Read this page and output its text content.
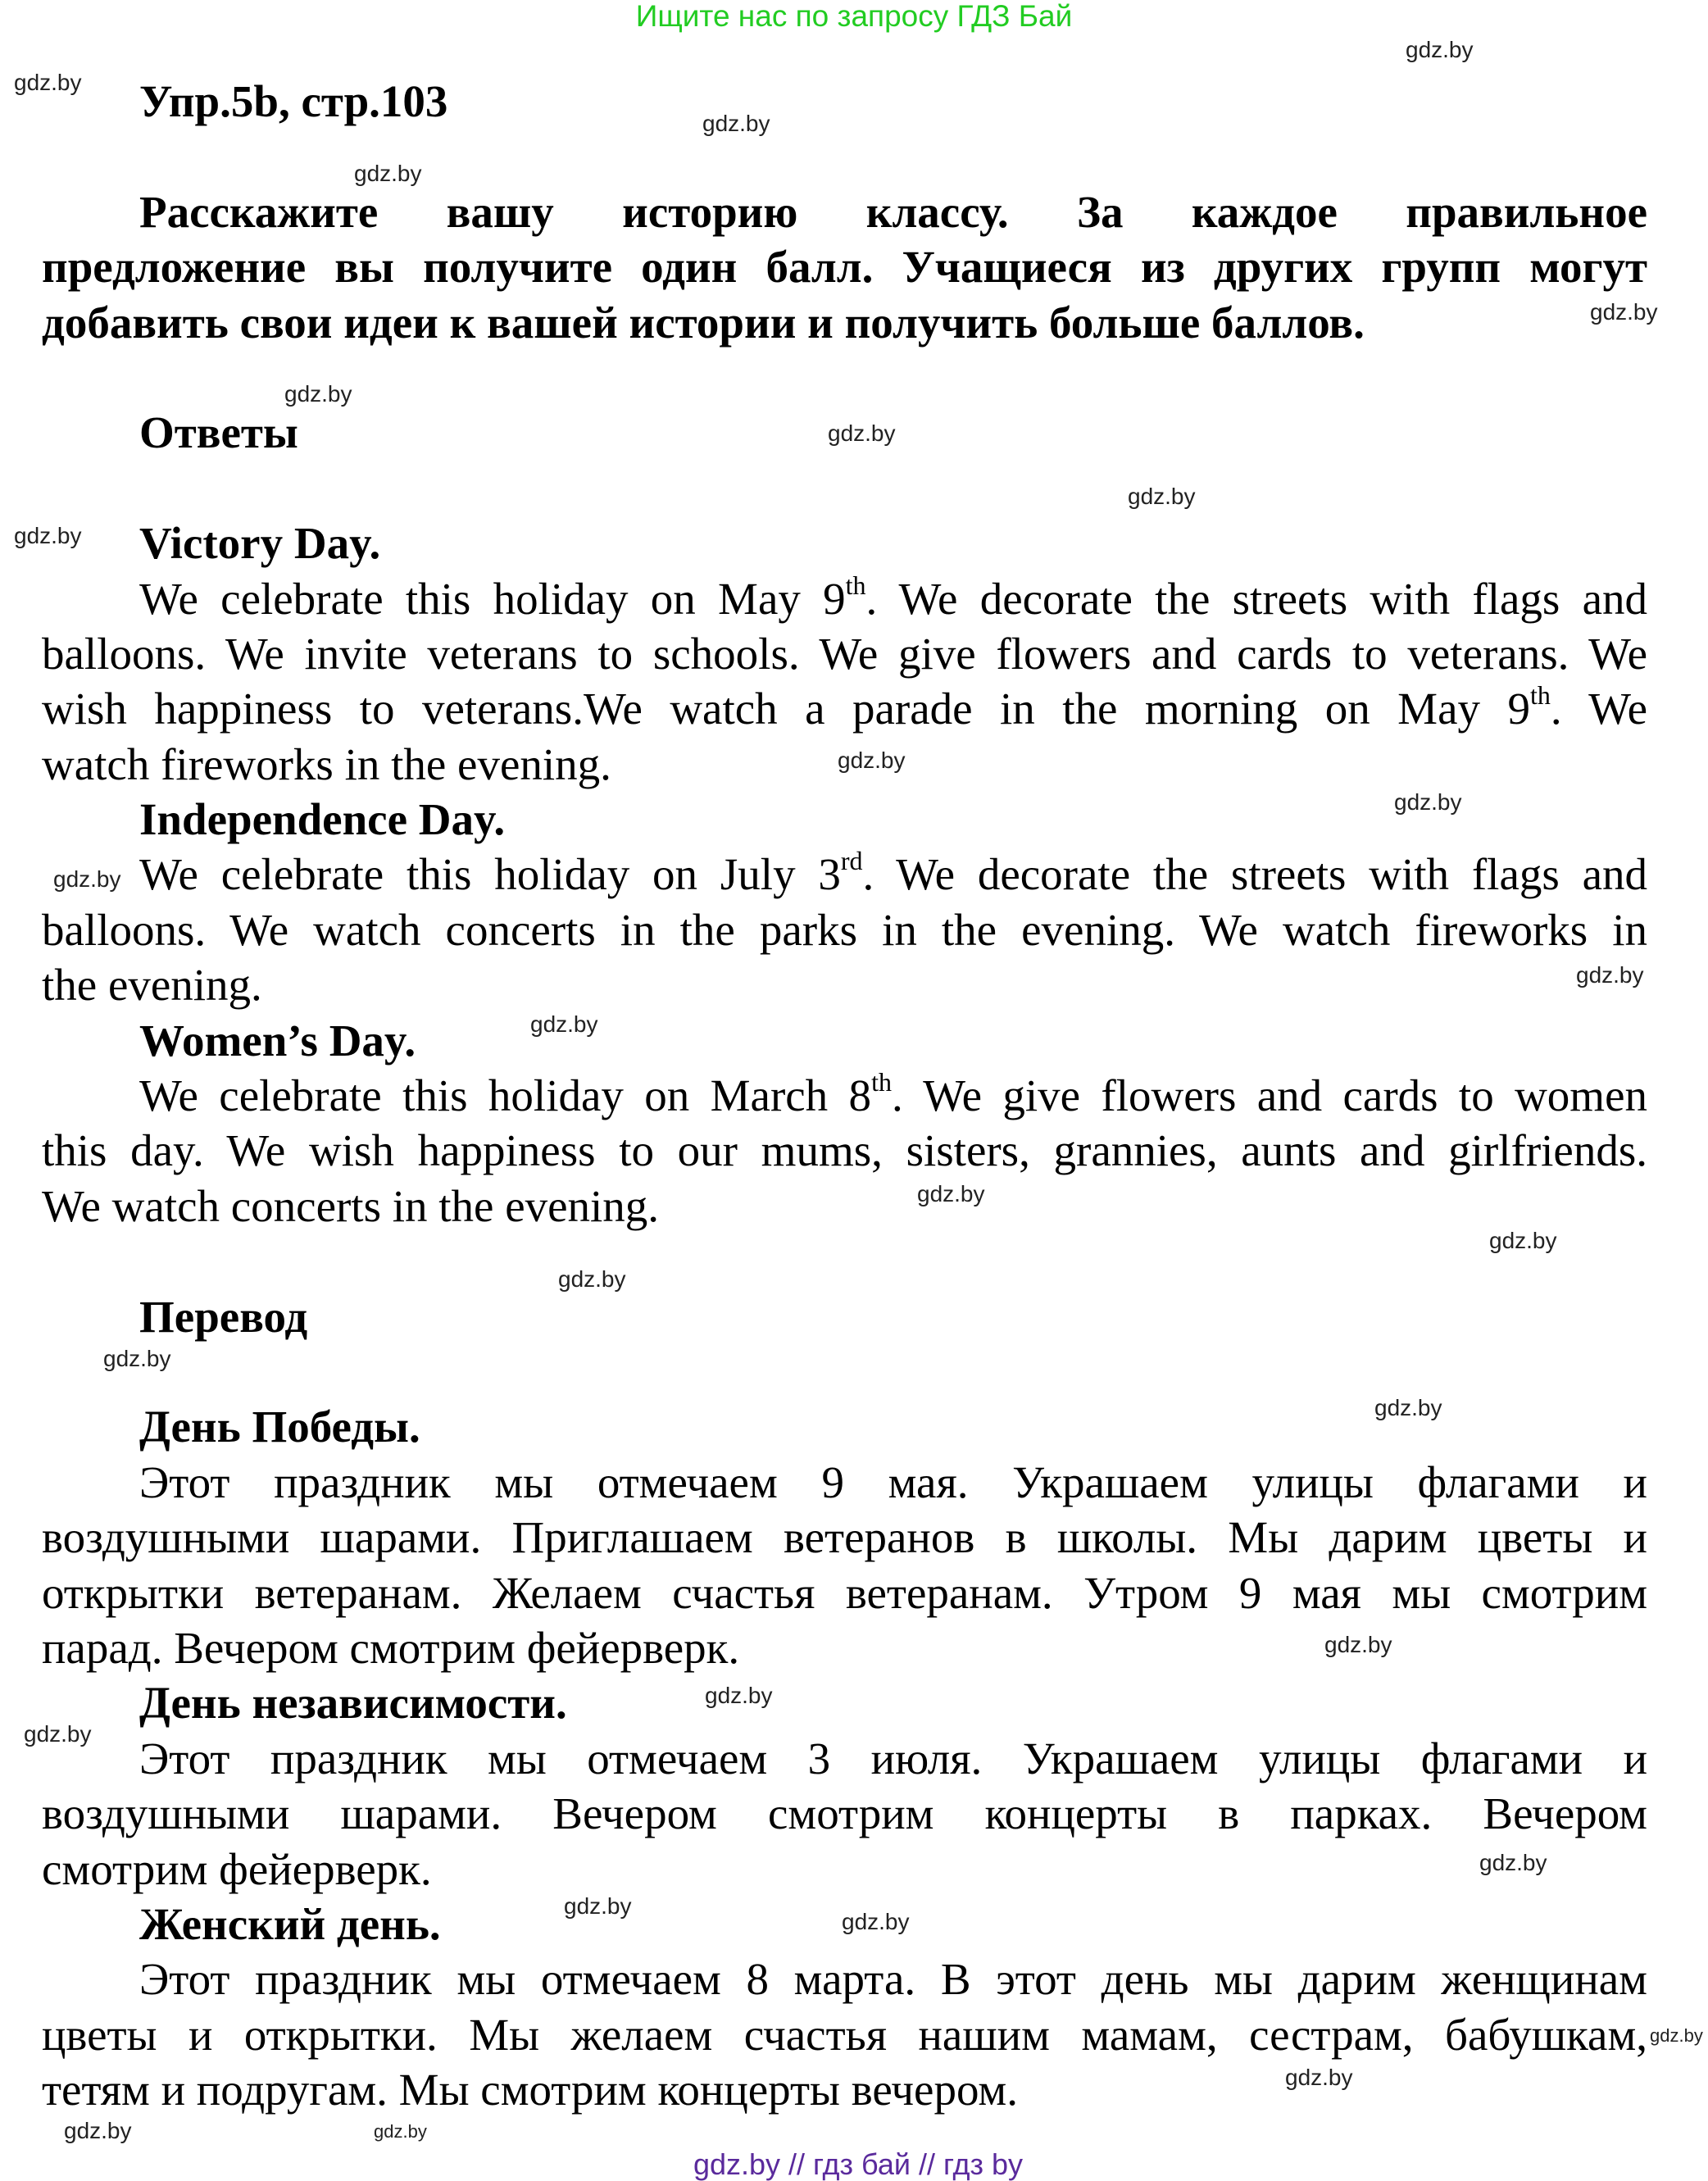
Ищите нас по запросу ГДЗ Бай
Упр.5b, стр.103
Расскажите вашу историю классу. За каждое правильное
предложение вы получите один балл. Учащиеся из других групп могут
добавить свои идеи к вашей истории и получить больше баллов.
Ответы
Victory Day.
We celebrate this holiday on May 9th. We decorate the streets with flags and
balloons. We invite veterans to schools. We give flowers and cards to veterans. We
wish happiness to veterans.We watch a parade in the morning on May 9th. We
watch fireworks in the evening.
Independence Day.
We celebrate this holiday on July 3rd. We decorate the streets with flags and
balloons. We watch concerts in the parks in the evening. We watch fireworks in
the evening.
Women’s Day.
We celebrate this holiday on March 8th. We give flowers and cards to women
this day. We wish happiness to our mums, sisters, grannies, aunts and girlfriends.
We watch concerts in the evening.
Перевод
День Победы.
Этот праздник мы отмечаем 9 мая. Украшаем улицы флагами и
воздушными шарами. Приглашаем ветеранов в школы. Мы дарим цветы и
открытки ветеранам. Желаем счастья ветеранам. Утром 9 мая мы смотрим
парад. Вечером смотрим фейерверк.
День независимости.
Этот праздник мы отмечаем 3 июля. Украшаем улицы флагами и
воздушными шарами. Вечером смотрим концерты в парках. Вечером
смотрим фейерверк.
Женский день.
Этот праздник мы отмечаем 8 марта. В этот день мы дарим женщинам
цветы и открытки. Мы желаем счастья нашим мамам, сестрам, бабушкам,
тетям и подругам. Мы смотрим концерты вечером.
gdz.by // гдз бай // гдз by
gdz.by
gdz.by
gdz.by
gdz.by
gdz.by
gdz.by
gdz.by
gdz.by
gdz.by
gdz.by
gdz.by
gdz.by
gdz.by
gdz.by
gdz.by
gdz.by
gdz.by
gdz.by
gdz.by
gdz.by
gdz.by
gdz.by
gdz.by
gdz.by
gdz.by
gdz.by
gdz.by
gdz.by
gdz.by
